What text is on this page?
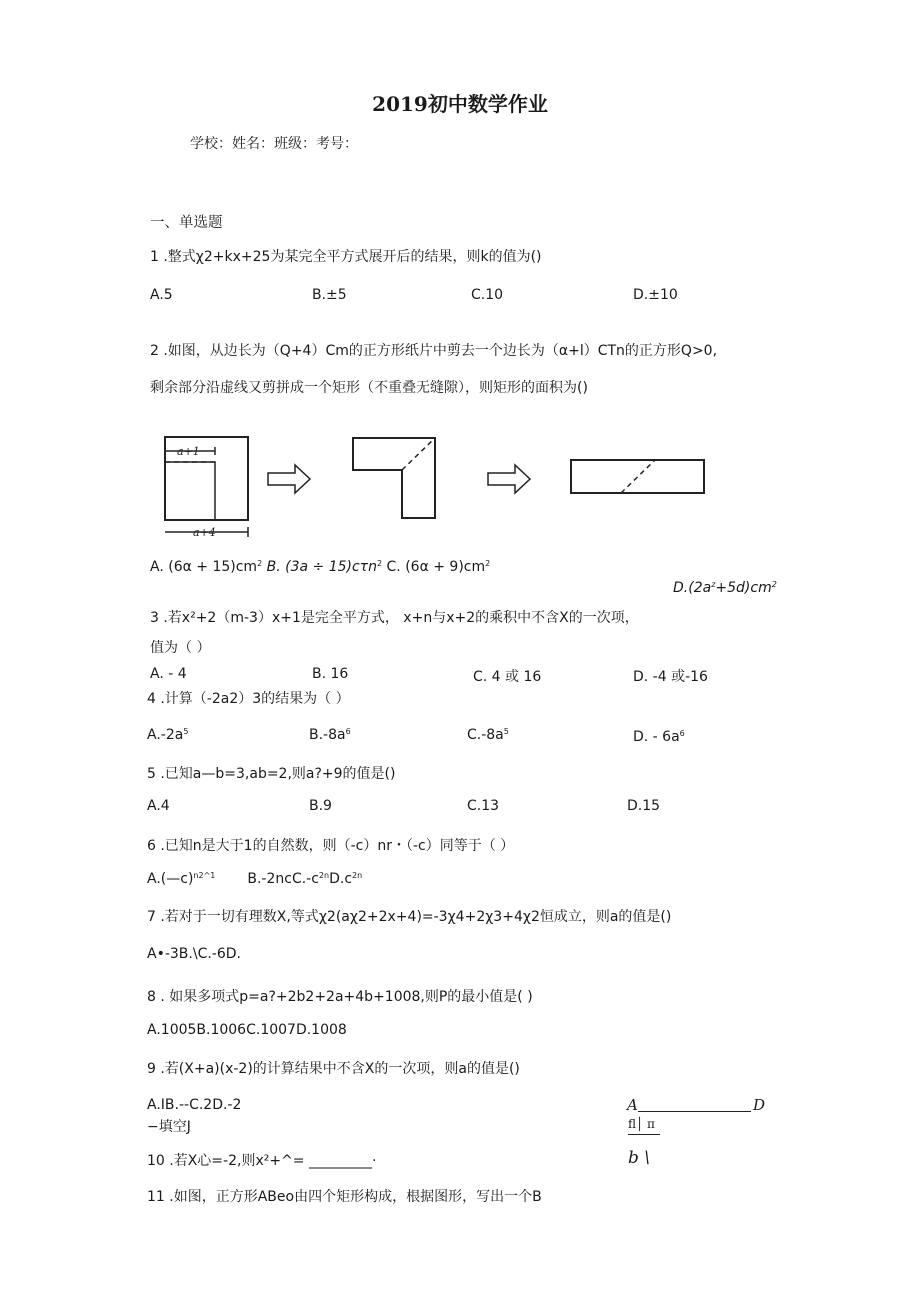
2019初中数学作业
学校：姓名：班级：考号：
一、单选题
1 .整式χ2+kx+25为某完全平方式展开后的结果，则k的值为()
A.5	B.±5	C.10	D.±10
2 .如图，从边长为（Q+4）Cm的正方形纸片中剪去一个边长为（α+l）CTn的正方形Q>0,
剩余部分沿虚线又剪拼成一个矩形（不重叠无缝隙），则矩形的面积为()
a+1
a+4
A. $(6\alpha + 15)cm^2$ B. (3a ÷ 15)cτn$^2$ C. $(6\alpha + 9)cm^2$
$D.(2a^z+5d)cm^2$
3 .若x²+2（m-3）x+1是完全平方式， x+n与x+2的乘积中不含X的一次项，
值为（ ）
A. - 4	B. 16	C. 4 或 16	D. -4 或-16
4 .计算（-2a2）3的结果为（ ）
$A.-2a^5$	$B.-8a^6$	$C.-8a^5$	D. - $6a^6$
5 .已知a—b=3,ab=2,则a?+9的值是()
A.4	B.9	C.13	D.15
6 .已知n是大于1的自然数，则（-c）nr・（-c）同等于（ ）
A.(—c)$^{n2\^{}1}$ $B.-2ncC.-c^{2n}D.c^{2n}$
7 .若对于一切有理数X,等式χ2(aχ2+2x+4)=-3χ4+2χ3+4χ2恒成立，则a的值是()
A•-3B.\C.-6D.
8 . 如果多项式p=a?+2b2+2a+4b+1008,则P的最小值是( )
A.1005B.1006C.1007D.1008
9 .若(X+a)(x-2)的计算结果中不含X的一次项，则a的值是()
A.ⅠB.--C.2D.-2
−填空J
10 .若X心=-2,则x²+^= _________·
11 .如图，正方形ABeo由四个矩形构成，根据图形，写出一个B
A	D
fl│ π
b \
